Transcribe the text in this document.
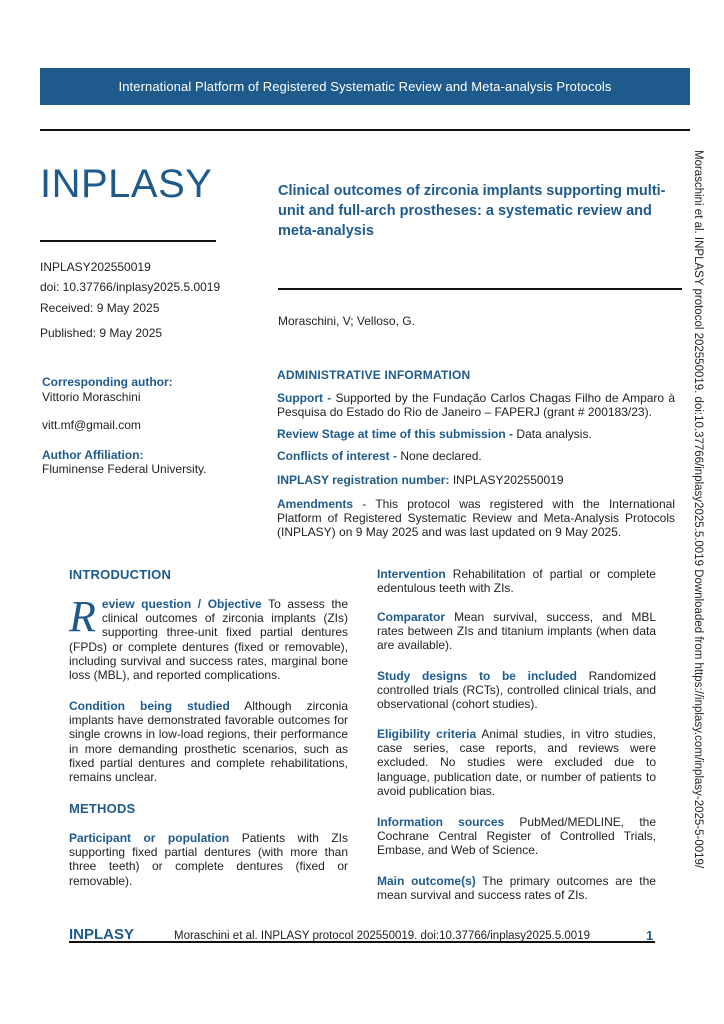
International Platform of Registered Systematic Review and Meta-analysis Protocols
INPLASY
INPLASY202550019
doi: 10.37766/inplasy2025.5.0019
Received: 9 May 2025
Published: 9 May 2025
Corresponding author:
Vittorio Moraschini
vitt.mf@gmail.com
Author Affiliation:
Fluminense Federal University.
Clinical outcomes of zirconia implants supporting multi-unit and full-arch prostheses: a systematic review and meta-analysis
Moraschini, V; Velloso, G.
ADMINISTRATIVE INFORMATION
Support - Supported by the Fundação Carlos Chagas Filho de Amparo à Pesquisa do Estado do Rio de Janeiro – FAPERJ (grant # 200183/23).
Review Stage at time of this submission - Data analysis.
Conflicts of interest - None declared.
INPLASY registration number: INPLASY202550019
Amendments - This protocol was registered with the International Platform of Registered Systematic Review and Meta-Analysis Protocols (INPLASY) on 9 May 2025 and was last updated on 9 May 2025.
INTRODUCTION
R eview question / Objective To assess the clinical outcomes of zirconia implants (ZIs) supporting three-unit fixed partial dentures (FPDs) or complete dentures (fixed or removable), including survival and success rates, marginal bone loss (MBL), and reported complications.
Condition being studied Although zirconia implants have demonstrated favorable outcomes for single crowns in low-load regions, their performance in more demanding prosthetic scenarios, such as fixed partial dentures and complete rehabilitations, remains unclear.
METHODS
Participant or population Patients with ZIs supporting fixed partial dentures (with more than three teeth) or complete dentures (fixed or removable).
Intervention Rehabilitation of partial or complete edentulous teeth with ZIs.
Comparator Mean survival, success, and MBL rates between ZIs and titanium implants (when data are available).
Study designs to be included Randomized controlled trials (RCTs), controlled clinical trials, and observational (cohort studies).
Eligibility criteria Animal studies, in vitro studies, case series, case reports, and reviews were excluded. No studies were excluded due to language, publication date, or number of patients to avoid publication bias.
Information sources PubMed/MEDLINE, the Cochrane Central Register of Controlled Trials, Embase, and Web of Science.
Main outcome(s) The primary outcomes are the mean survival and success rates of ZIs.
Moraschini et al. INPLASY protocol 202550019. doi:10.37766/inplasy2025.5.0019 Downloaded from https://inplasy.com/inplasy-2025-5-0019/
INPLASY	Moraschini et al. INPLASY protocol 202550019. doi:10.37766/inplasy2025.5.0019	1
